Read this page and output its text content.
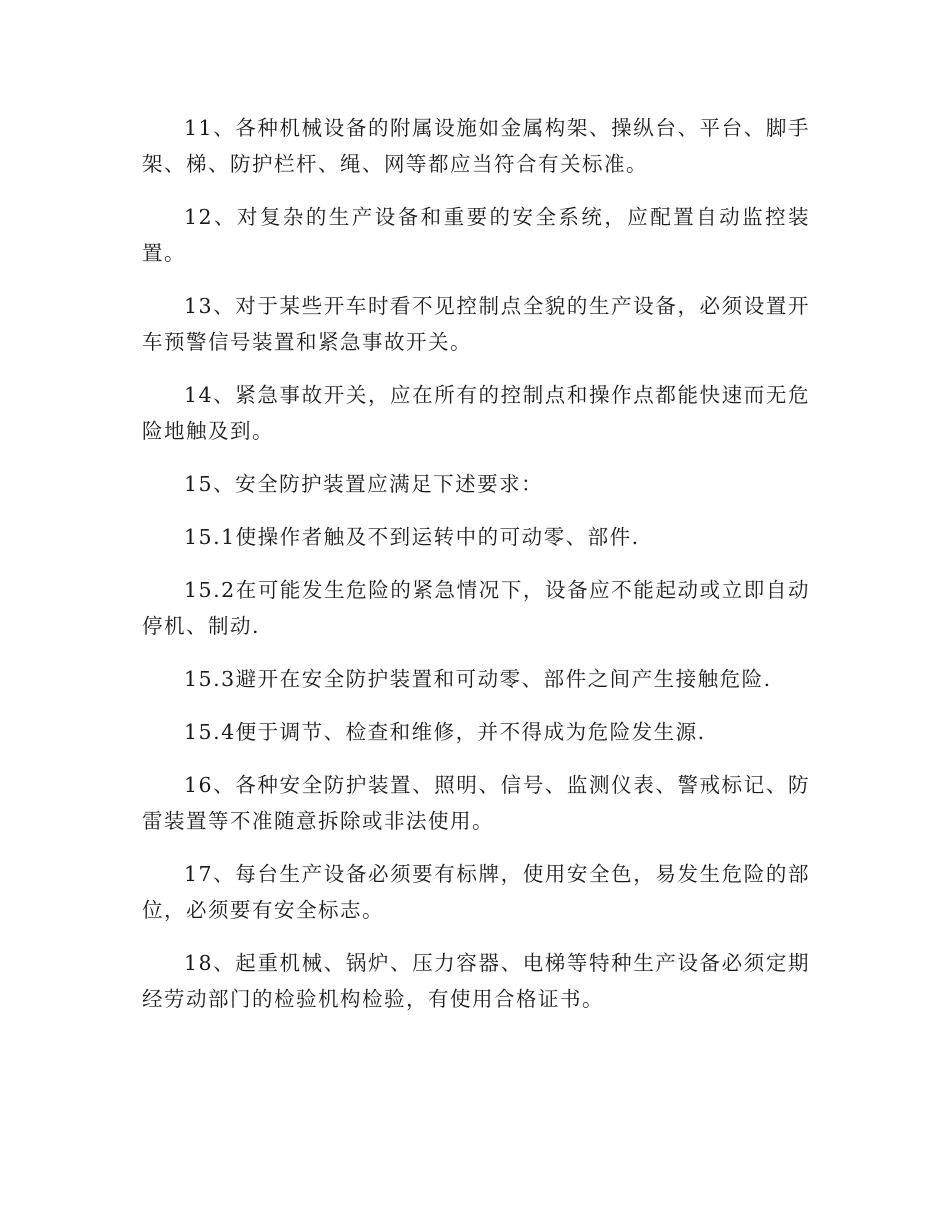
11、各种机械设备的附属设施如金属构架、操纵台、平台、脚手架、梯、防护栏杆、绳、网等都应当符合有关标准。

12、对复杂的生产设备和重要的安全系统，应配置自动监控装置。

13、对于某些开车时看不见控制点全貌的生产设备，必须设置开车预警信号装置和紧急事故开关。

14、紧急事故开关，应在所有的控制点和操作点都能快速而无危险地触及到。

15、安全防护装置应满足下述要求：

15.1使操作者触及不到运转中的可动零、部件.

15.2在可能发生危险的紧急情况下，设备应不能起动或立即自动停机、制动.

15.3避开在安全防护装置和可动零、部件之间产生接触危险.

15.4便于调节、检查和维修，并不得成为危险发生源.

16、各种安全防护装置、照明、信号、监测仪表、警戒标记、防雷装置等不准随意拆除或非法使用。

17、每台生产设备必须要有标牌，使用安全色，易发生危险的部位，必须要有安全标志。

18、起重机械、锅炉、压力容器、电梯等特种生产设备必须定期经劳动部门的检验机构检验，有使用合格证书。
